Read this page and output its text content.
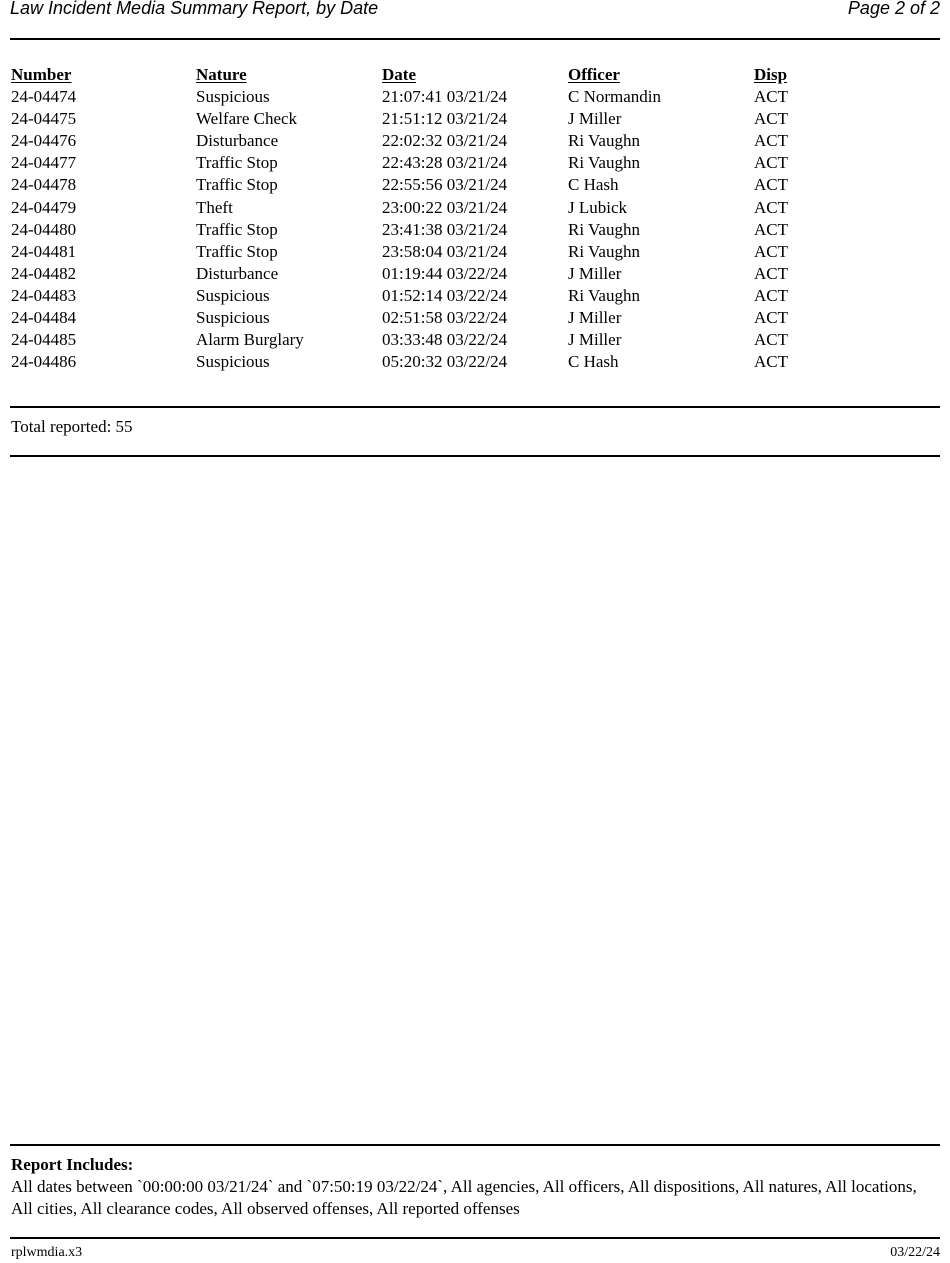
Law Incident Media Summary Report, by Date	Page 2 of 2
Number	Nature	Date	Officer	Disp
24-04474	Suspicious	21:07:41 03/21/24	C Normandin	ACT
24-04475	Welfare Check	21:51:12 03/21/24	J Miller	ACT
24-04476	Disturbance	22:02:32 03/21/24	Ri Vaughn	ACT
24-04477	Traffic Stop	22:43:28 03/21/24	Ri Vaughn	ACT
24-04478	Traffic Stop	22:55:56 03/21/24	C Hash	ACT
24-04479	Theft	23:00:22 03/21/24	J Lubick	ACT
24-04480	Traffic Stop	23:41:38 03/21/24	Ri Vaughn	ACT
24-04481	Traffic Stop	23:58:04 03/21/24	Ri Vaughn	ACT
24-04482	Disturbance	01:19:44 03/22/24	J Miller	ACT
24-04483	Suspicious	01:52:14 03/22/24	Ri Vaughn	ACT
24-04484	Suspicious	02:51:58 03/22/24	J Miller	ACT
24-04485	Alarm Burglary	03:33:48 03/22/24	J Miller	ACT
24-04486	Suspicious	05:20:32 03/22/24	C Hash	ACT
Total reported: 55
Report Includes:
All dates between `00:00:00 03/21/24` and `07:50:19 03/22/24`, All agencies, All officers, All dispositions, All natures, All locations, All cities, All clearance codes, All observed offenses, All reported offenses
rplwmdia.x3	03/22/24
